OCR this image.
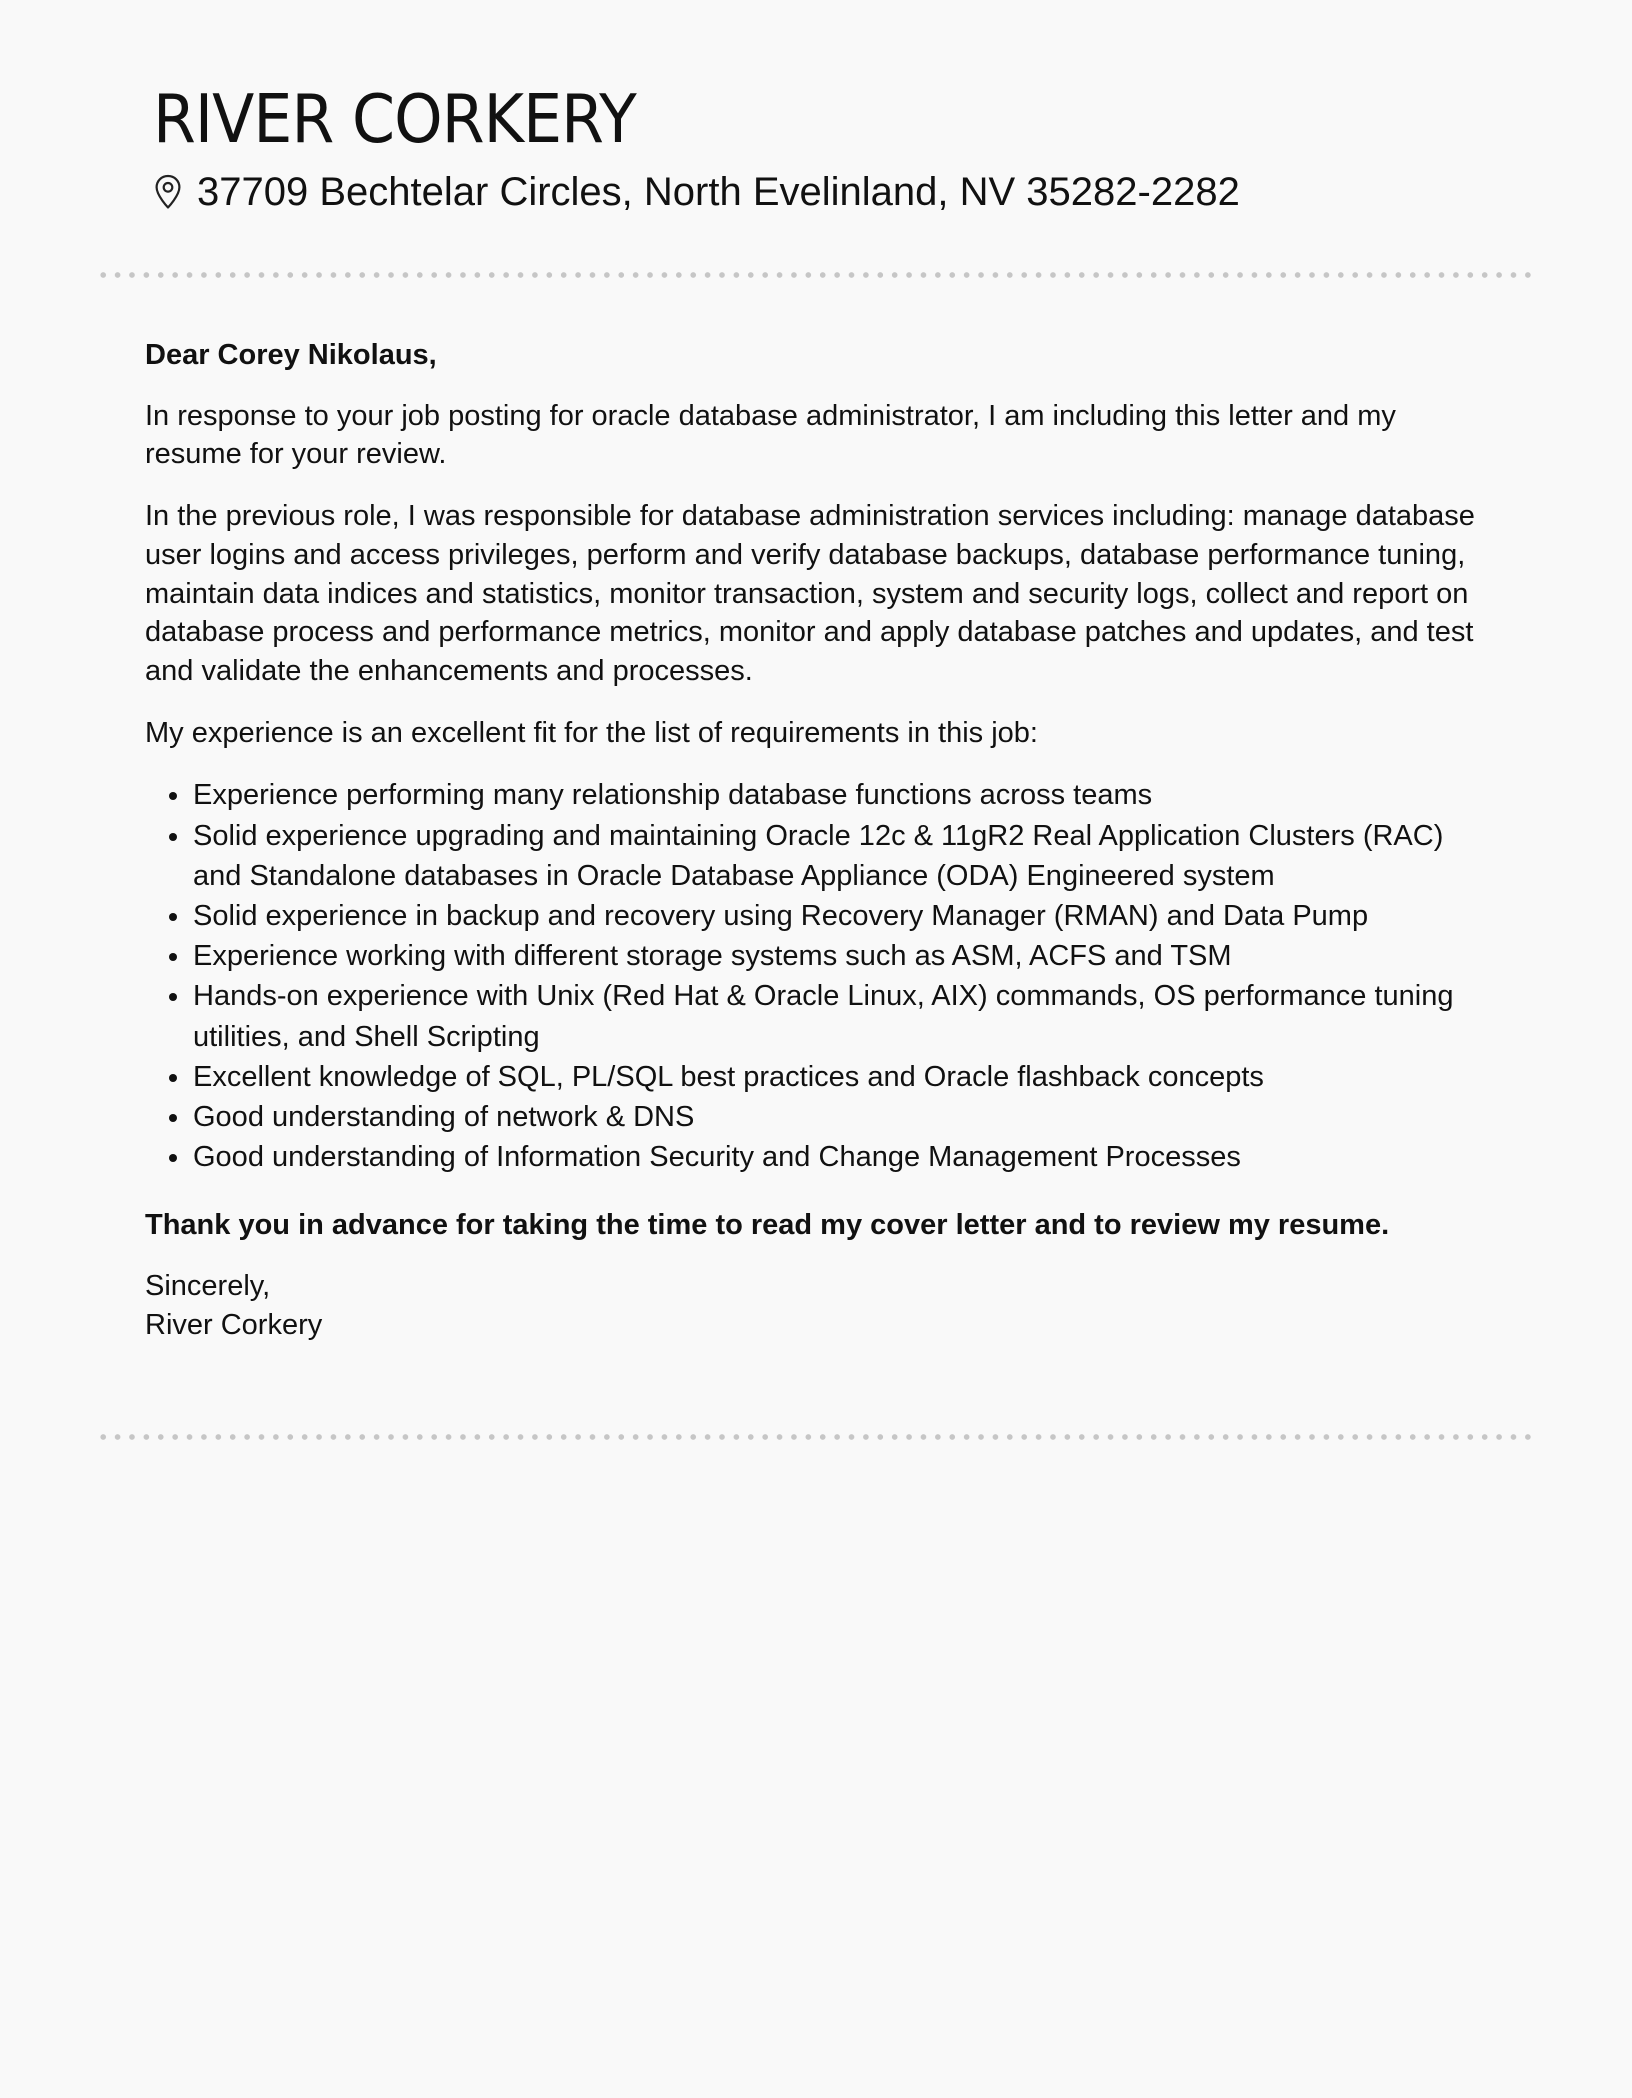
RIVER CORKERY
37709 Bechtelar Circles, North Evelinland, NV 35282-2282

Dear Corey Nikolaus,

In response to your job posting for oracle database administrator, I am including this letter and my resume for your review.

In the previous role, I was responsible for database administration services including: manage database user logins and access privileges, perform and verify database backups, database performance tuning, maintain data indices and statistics, monitor transaction, system and security logs, collect and report on database process and performance metrics, monitor and apply database patches and updates, and test and validate the enhancements and processes.

My experience is an excellent fit for the list of requirements in this job:

Experience performing many relationship database functions across teams
Solid experience upgrading and maintaining Oracle 12c & 11gR2 Real Application Clusters (RAC) and Standalone databases in Oracle Database Appliance (ODA) Engineered system
Solid experience in backup and recovery using Recovery Manager (RMAN) and Data Pump
Experience working with different storage systems such as ASM, ACFS and TSM
Hands-on experience with Unix (Red Hat & Oracle Linux, AIX) commands, OS performance tuning utilities, and Shell Scripting
Excellent knowledge of SQL, PL/SQL best practices and Oracle flashback concepts
Good understanding of network & DNS
Good understanding of Information Security and Change Management Processes

Thank you in advance for taking the time to read my cover letter and to review my resume.

Sincerely,
River Corkery
